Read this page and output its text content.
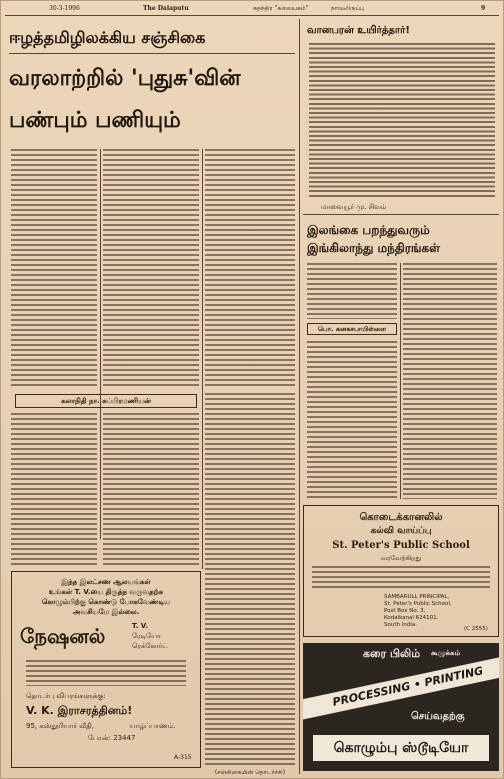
30-3-1996	The Dalaputu	சுதந்திர "கலையகம்"	நாவலிருப்பு	9
ஈழத்தமிழிலக்கிய சஞ்சிகை
வரலாற்றில் 'புதுசு'வின்
பண்பும் பணியும்
கலாநிதி நா. சுப்பிரமணியன்
இந்த இலட்சண ஆலயங்கள்
உங்கள் T. V.யை திருத்த வருவதற்க
கொழும்பிற்கு கொண்டு போகவேண்டிய
அவசியமே இல்லை.
நேஷனல்	T. V.
ரேடியோ
ரெக்கோர்ட்
தொடர்பு விபரங்களுக்கு:
V. K. இராசரத்தினம்!
95, கஸ்தூரியார் வீதி,                யாழ்ப்பாணம்.
போன்: 23447
A-315
(சஞ்சிகையின் தொடர்ச்சி)
வானபரன் உயிர்த்தார்!
மாவையூர் மு. சிவம்
இலங்கை பறந்துவரும்
இங்கிலாந்து மந்திரங்கள்
பொ. கனகசபாபிள்ளை
கொடைக்கானலில்
கல்வி வாய்ப்பு
St. Peter's Public School
வரவேற்கிறது
SAMBARULL PRINCIPAL,
St. Peter's Public School,
Post Box No. 3,
Kodaikanal 624101.
South India.
(C 2555)
கரை பிலிம் கூழுக்கம்
PROCESSING • PRINTING
செய்வதற்கு
கொழும்பு ஸ்டூடியோ
